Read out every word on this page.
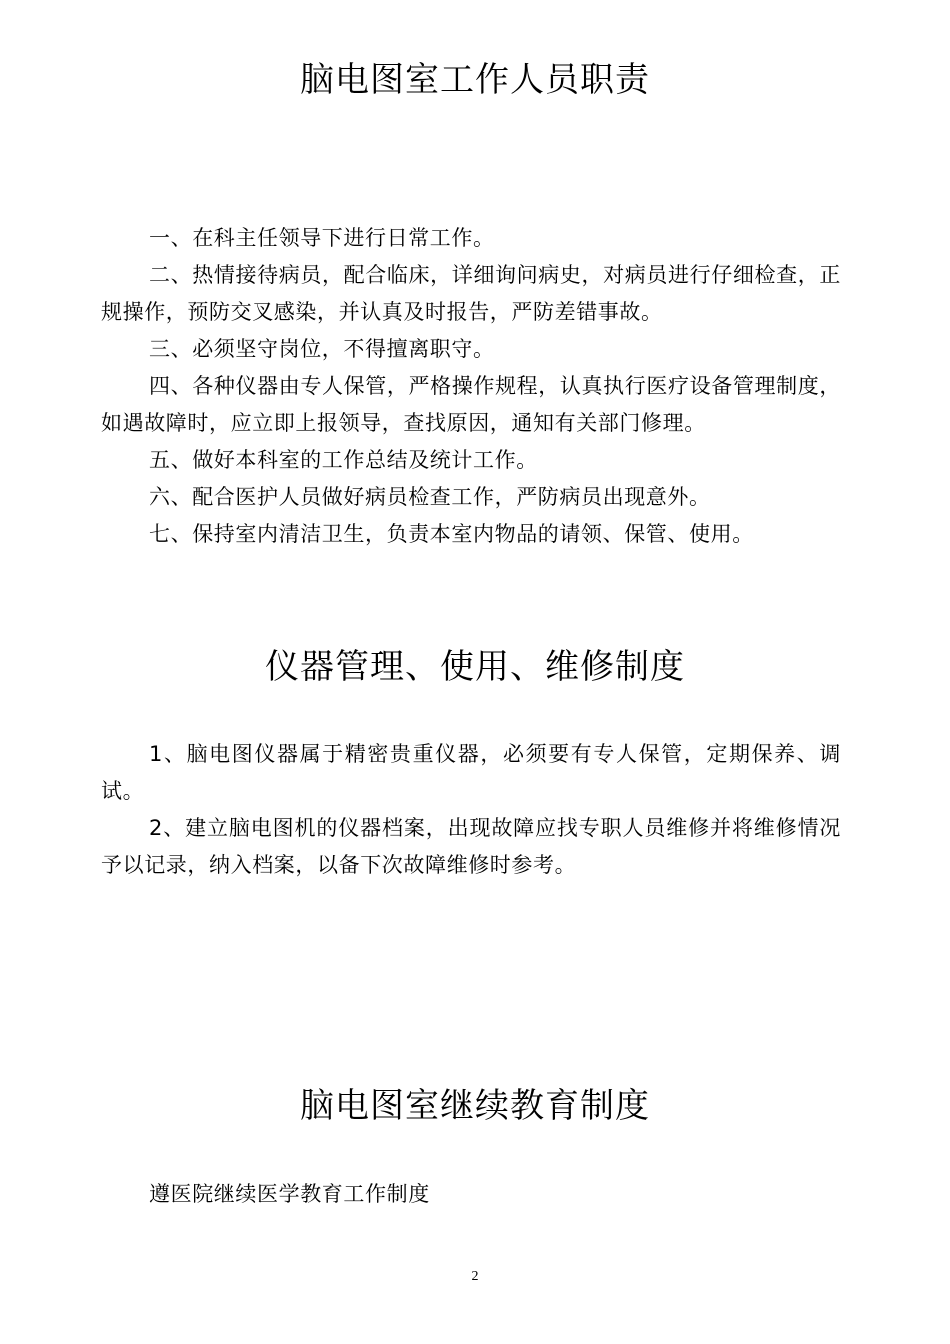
脑电图室工作人员职责
一、在科主任领导下进行日常工作。
二、热情接待病员，配合临床，详细询问病史，对病员进行仔细检查，正规操作，预防交叉感染，并认真及时报告，严防差错事故。
三、必须坚守岗位，不得擅离职守。
四、各种仪器由专人保管，严格操作规程，认真执行医疗设备管理制度，如遇故障时，应立即上报领导，查找原因，通知有关部门修理。
五、做好本科室的工作总结及统计工作。
六、配合医护人员做好病员检查工作，严防病员出现意外。
七、保持室内清洁卫生，负责本室内物品的请领、保管、使用。
仪器管理、使用、维修制度
1、脑电图仪器属于精密贵重仪器，必须要有专人保管，定期保养、调试。
2、建立脑电图机的仪器档案，出现故障应找专职人员维修并将维修情况予以记录，纳入档案，以备下次故障维修时参考。
脑电图室继续教育制度
遵医院继续医学教育工作制度
2
